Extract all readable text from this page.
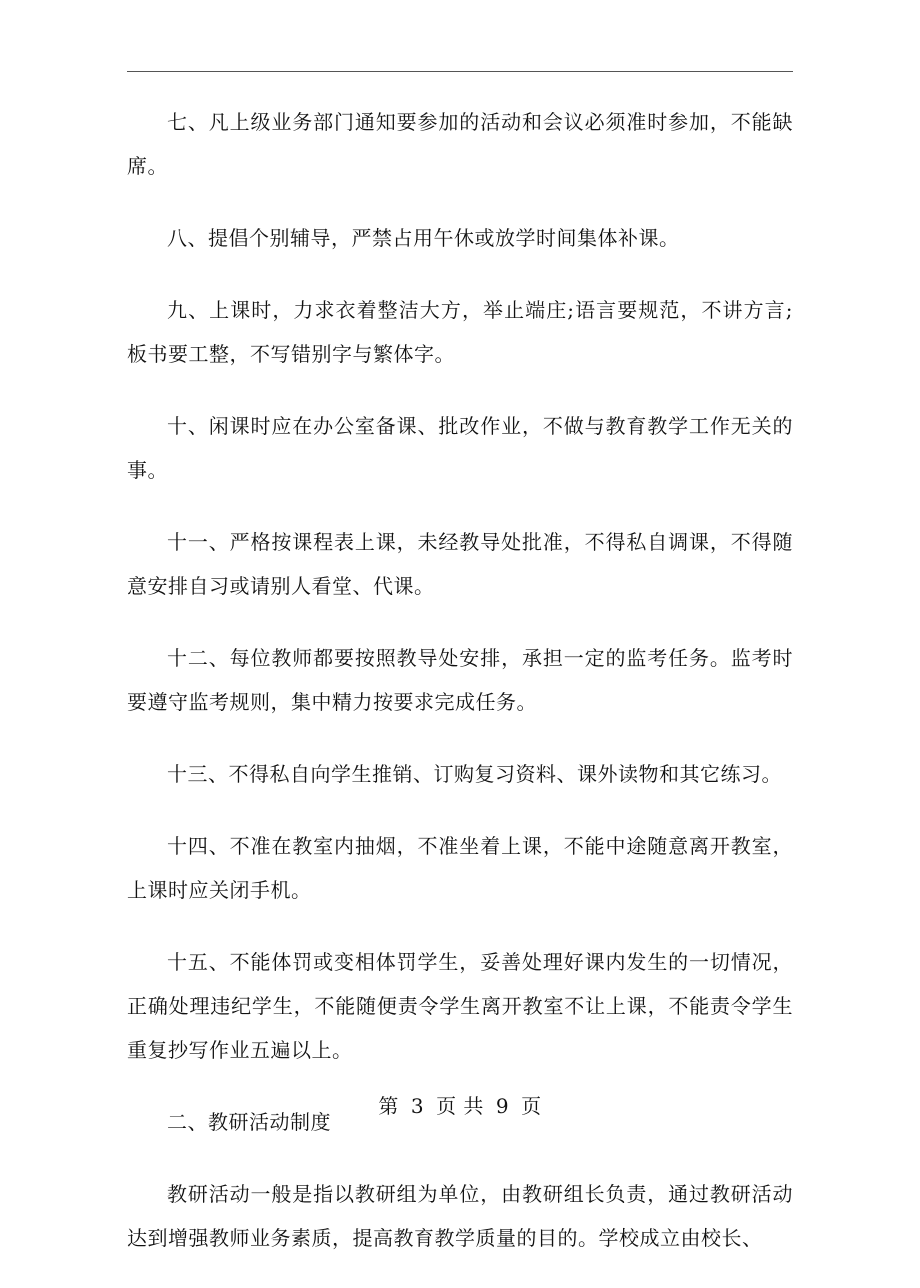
七、凡上级业务部门通知要参加的活动和会议必须准时参加，不能缺席。

八、提倡个别辅导，严禁占用午休或放学时间集体补课。

九、上课时，力求衣着整洁大方，举止端庄;语言要规范，不讲方言;板书要工整，不写错别字与繁体字。

十、闲课时应在办公室备课、批改作业，不做与教育教学工作无关的事。

十一、严格按课程表上课，未经教导处批准，不得私自调课，不得随意安排自习或请别人看堂、代课。

十二、每位教师都要按照教导处安排，承担一定的监考任务。监考时要遵守监考规则，集中精力按要求完成任务。

十三、不得私自向学生推销、订购复习资料、课外读物和其它练习。

十四、不准在教室内抽烟，不准坐着上课，不能中途随意离开教室，上课时应关闭手机。

十五、不能体罚或变相体罚学生，妥善处理好课内发生的一切情况，正确处理违纪学生，不能随便责令学生离开教室不让上课，不能责令学生重复抄写作业五遍以上。

二、教研活动制度

教研活动一般是指以教研组为单位，由教研组长负责，通过教研活动达到增强教师业务素质，提高教育教学质量的目的。学校成立由校长、

第 3 页 共 9 页
